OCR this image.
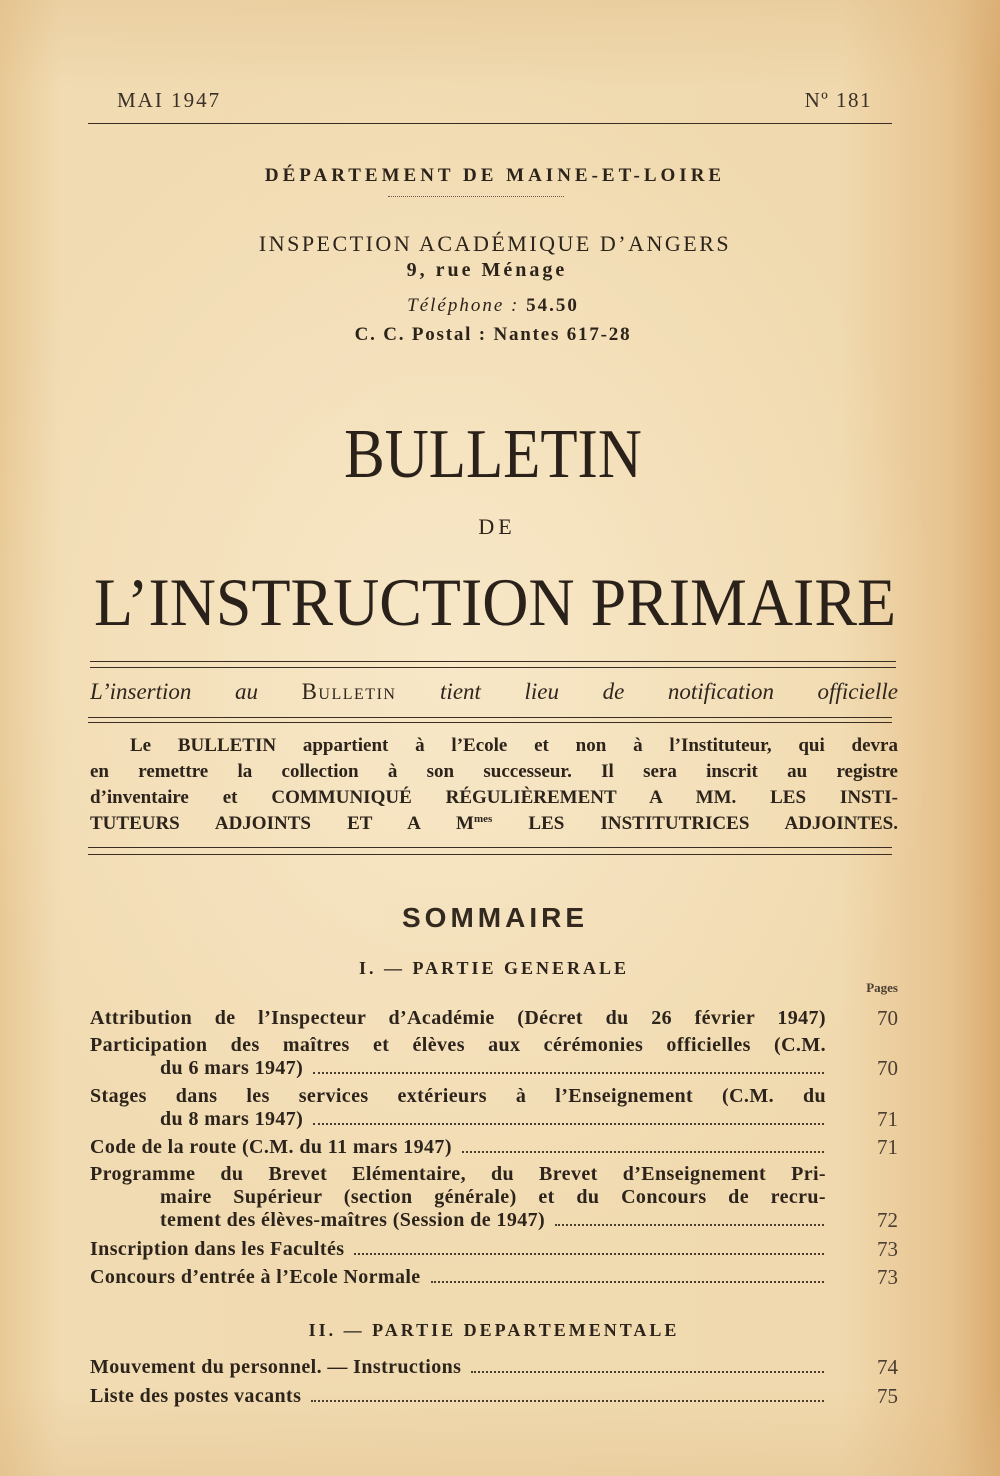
MAI 1947	Nº 181
DÉPARTEMENT DE MAINE-ET-LOIRE
INSPECTION ACADÉMIQUE D’ANGERS
9, rue Ménage
Téléphone : 54.50
C. C. Postal : Nantes 617-28
BULLETIN
DE
L’INSTRUCTION PRIMAIRE
L’insertion au Bulletin tient lieu de notification officielle
Le BULLETIN appartient à l’Ecole et non à l’Instituteur, qui devra
en remettre la collection à son successeur. Il sera inscrit au registre
d’inventaire et COMMUNIQUÉ RÉGULIÈREMENT A MM. LES INSTI-
TUTEURS ADJOINTS ET A $M^{mes}$ LES INSTITUTRICES ADJOINTES.
SOMMAIRE
I. — PARTIE GENERALE
Pages
Attribution de l’Inspecteur d’Académie (Décret du 26 février 1947)	70
Participation des maîtres et élèves aux cérémonies officielles (C.M.
du 6 mars 1947)	70
Stages dans les services extérieurs à l’Enseignement (C.M. du
du 8 mars 1947)	71
Code de la route (C.M. du 11 mars 1947)	71
Programme du Brevet Elémentaire, du Brevet d’Enseignement Pri-
maire Supérieur (section générale) et du Concours de recru-
tement des élèves-maîtres (Session de 1947)	72
Inscription dans les Facultés	73
Concours d’entrée à l’Ecole Normale	73
II. — PARTIE DEPARTEMENTALE
Mouvement du personnel. — Instructions	74
Liste des postes vacants	75
